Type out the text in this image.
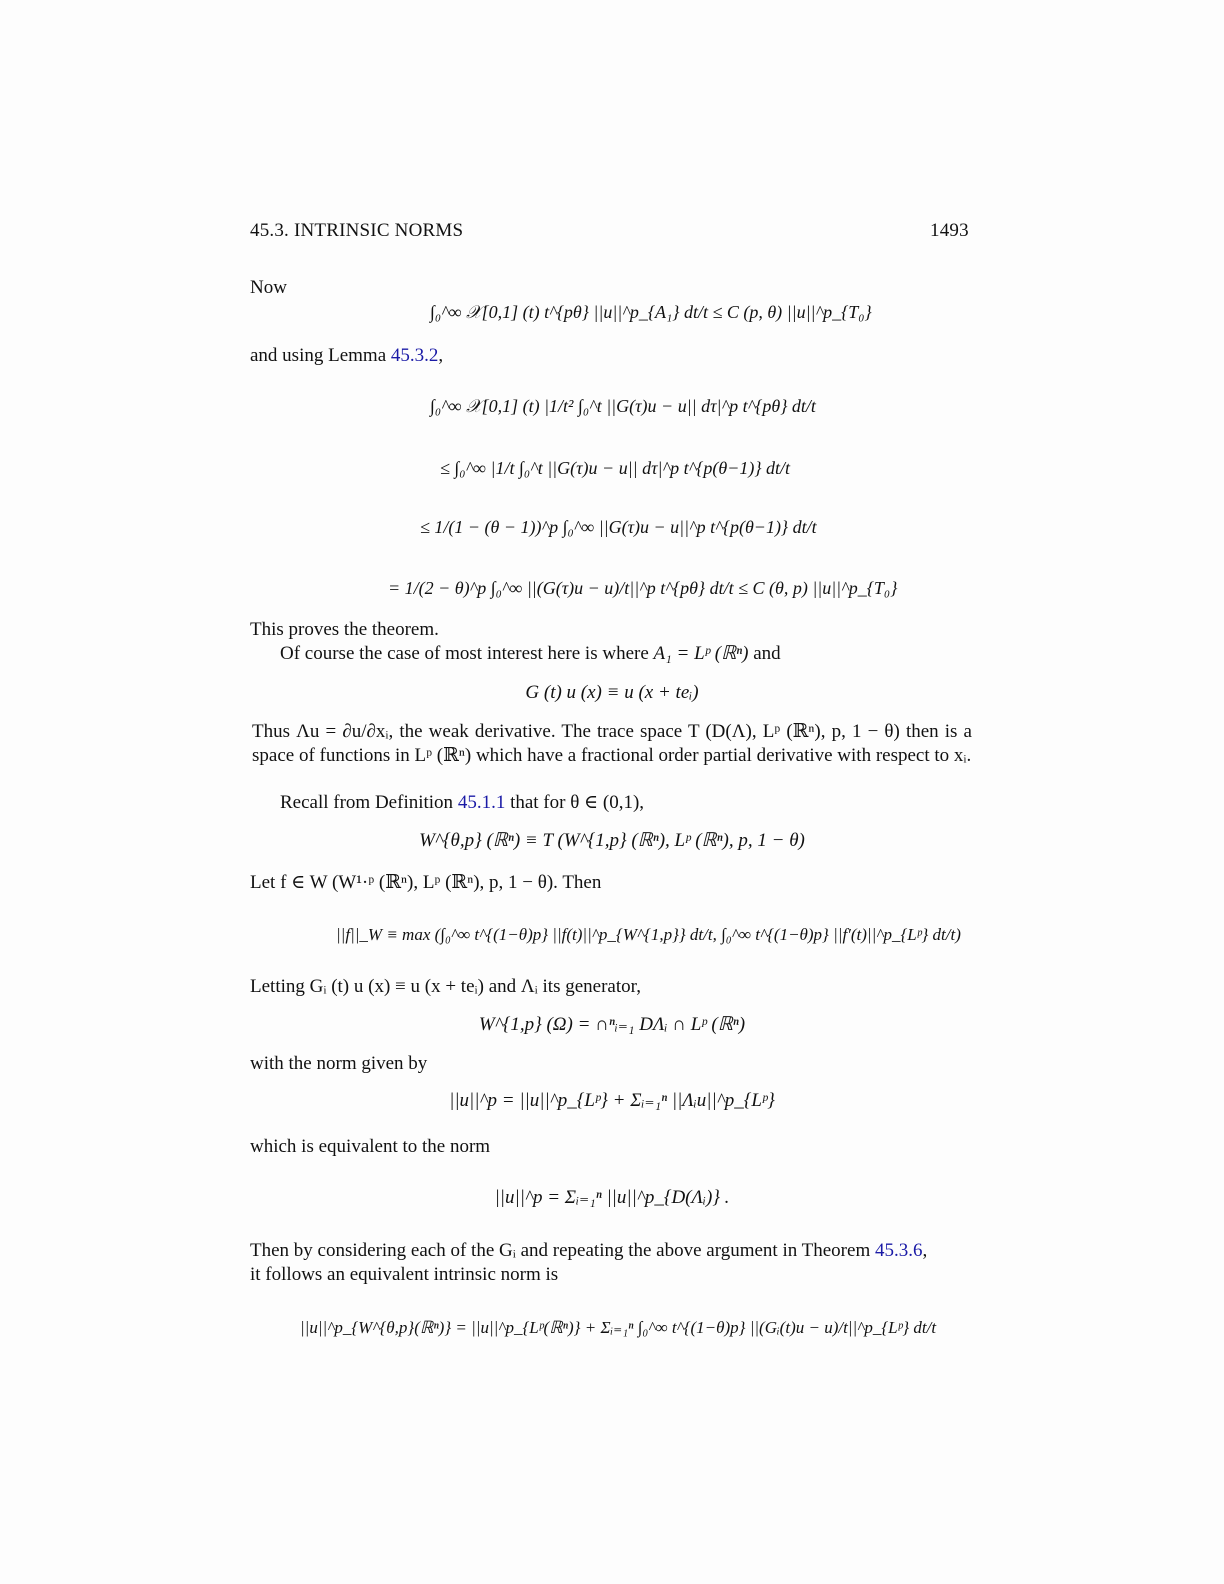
45.3. INTRINSIC NORMS	1493
Now
∫₀^∞ 𝒳[0,1] (t) t^{pθ} ||u||^p_{A₁} dt/t ≤ C (p, θ) ||u||^p_{T₀}
and using Lemma 45.3.2,
∫₀^∞ 𝒳[0,1] (t) |1/t² ∫₀^t ||G(τ)u − u|| dτ|^p t^{pθ} dt/t
≤ ∫₀^∞ |1/t ∫₀^t ||G(τ)u − u|| dτ|^p t^{p(θ−1)} dt/t
≤ 1/(1 − (θ − 1))^p ∫₀^∞ ||G(τ)u − u||^p t^{p(θ−1)} dt/t
= 1/(2 − θ)^p ∫₀^∞ ||(G(τ)u − u)/t||^p t^{pθ} dt/t ≤ C (θ, p) ||u||^p_{T₀}
This proves the theorem.
Of course the case of most interest here is where A₁ = Lᵖ (ℝⁿ) and
G (t) u (x) ≡ u (x + teᵢ)
Thus Λu = ∂u/∂xᵢ, the weak derivative. The trace space T (D(Λ), Lᵖ (ℝⁿ), p, 1 − θ) then is a space of functions in Lᵖ (ℝⁿ) which have a fractional order partial derivative with respect to xᵢ.
Recall from Definition 45.1.1 that for θ ∈ (0,1),
W^{θ,p} (ℝⁿ) ≡ T (W^{1,p} (ℝⁿ), Lᵖ (ℝⁿ), p, 1 − θ)
Let f ∈ W (W¹·ᵖ (ℝⁿ), Lᵖ (ℝⁿ), p, 1 − θ). Then
||f||_W ≡ max (∫₀^∞ t^{(1−θ)p} ||f(t)||^p_{W^{1,p}} dt/t, ∫₀^∞ t^{(1−θ)p} ||f′(t)||^p_{Lᵖ} dt/t)
Letting Gᵢ (t) u (x) ≡ u (x + teᵢ) and Λᵢ its generator,
W^{1,p} (Ω) = ∩ⁿᵢ₌₁ DΛᵢ ∩ Lᵖ (ℝⁿ)
with the norm given by
||u||^p = ||u||^p_{Lᵖ} + Σᵢ₌₁ⁿ ||Λᵢu||^p_{Lᵖ}
which is equivalent to the norm
||u||^p = Σᵢ₌₁ⁿ ||u||^p_{D(Λᵢ)} .
Then by considering each of the Gᵢ and repeating the above argument in Theorem 45.3.6,
it follows an equivalent intrinsic norm is
||u||^p_{W^{θ,p}(ℝⁿ)} = ||u||^p_{Lᵖ(ℝⁿ)} + Σᵢ₌₁ⁿ ∫₀^∞ t^{(1−θ)p} ||(Gᵢ(t)u − u)/t||^p_{Lᵖ} dt/t
